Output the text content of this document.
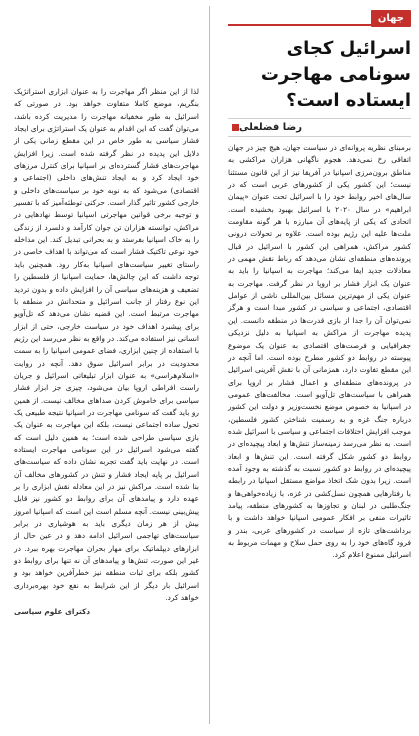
جهان
اسرائیل کجای سونامی مهاجرت ایستاده است؟
رضا فضلعلی

برمبنای نظریه پروانه‌ای در سیاست جهان، هیچ چیز در جهان اتفاقی رخ نمی‌دهد. هجوم ناگهانی هزاران مراکشی به مناطق برون‌مرزی اسپانیا در آفریقا نیز از این قانون مستثنا نیست؛ این کشور یکی از کشورهای عربی است که در سال‌های اخیر روابط خود را با اسرائیل تحت عنوان «پیمان ابراهیم» در سال ۲۰۲۰ با اسرائیل بهبود بخشیده است. اتحادی که یکی از پایه‌های آن مبارزه با هر گونه مقاومت ملت‌ها علیه این رژیم بوده است. علاوه بر تحولات درونی کشور مراکش، همراهی این کشور با اسرائیل در قبال پرونده‌های منطقه‌ای نشان می‌دهد که رباط نقش مهمی در معادلات جدید ایفا می‌کند؛ مهاجرت به اسپانیا را باید به عنوان یک ابزار فشار بر اروپا در نظر گرفت. مهاجرت به عنوان یکی از مهم‌ترین مسائل بین‌المللی ناشی از عوامل اقتصادی، اجتماعی و سیاسی در کشور مبدا است و هرگز نمی‌توان آن را جدا از بازی قدرت‌ها در منطقه دانست. این پدیده مهاجرت از مراکش به اسپانیا به دلیل نزدیکی جغرافیایی و فرصت‌های اقتصادی به عنوان یک موضوع پیوسته در روابط دو کشور مطرح بوده است. اما آنچه در این مقطع تفاوت دارد، همزمانی آن با نقش آفرینی اسرائیل در پرونده‌های منطقه‌ای و اعمال فشار بر اروپا برای همراهی با سیاست‌های تل‌آویو است. مخالفت‌های عمومی در اسپانیا به خصوص موضع نخست‌وزیر و دولت این کشور درباره جنگ غزه و به رسمیت شناختن کشور فلسطین، موجب افزایش اختلافات اجتماعی و سیاسی با اسرائیل شده است. به نظر می‌رسد زمینه‌ساز تنش‌ها و ابعاد پیچیده‌ای در روابط دو کشور شکل گرفته است. این تنش‌ها و ابعاد پیچیده‌ای در روابط دو کشور نسبت به گذشته به وجود آمده است. زیرا بدون شک اتخاذ مواضع مستقل اسپانیا در رابطه با رفتارهایی همچون نسل‌کشی در غزه، با زیاده‌خواهی‌ها و جنگ‌طلبی در لبنان و تجاوزها به کشورهای منطقه، پیامد تاثیرات منفی بر افکار عمومی اسپانیا خواهد داشت و با برداشت‌های تازه از سیاست در کشورهای عربی، بندر و فرود گاه‌های خود را به روی حمل سلاح و مهمات مربوط به اسرائیل ممنوع اعلام کرد.

لذا از این منظر اگر مهاجرت را به عنوان ابزاری استراتژیک بنگریم، موضع کاملا متفاوت خواهد بود. در صورتی که اسرائیل به طور مخفیانه مهاجرت را مدیریت کرده باشد، می‌توان گفت که این اقدام به عنوان یک استراتژی برای ایجاد فشار سیاسی به طور خاص در این مقطع زمانی یکی از دلایل این پدیده در نظر گرفته شده است. زیرا افزایش مهاجرت‌های فشار گسترده‌ای بر اسپانیا برای کنترل مرزهای خود ایجاد کرد و به ایجاد تنش‌های داخلی (اجتماعی و اقتصادی) می‌شود که به نوبه خود بر سیاست‌های داخلی و خارجی کشور تاثیر گذار است. حرکتی توطئه‌آمیز که با تفسیر و توجیه برخی قوانین مهاجرتی اسپانیا توسط نهادهایی در مراکش، توانسته هزاران تن جوان کارآمد و دلسرد از زندگی را به‌ خاک اسپانیا بفرستد و به بحرانی تبدیل کند. این مداخله خود نوعی تاکتیک فشار است که می‌تواند با اهداف خاصی در راستای تغییر سیاست‌های اسپانیا به‌کار رود. همچنین باید توجه داشت که این چالش‌ها، حمایت اسپانیا از فلسطین را تضعیف و هزینه‌های سیاسی آن را افزایش داده و بدون تردید این نوع رفتار از جانب اسرائیل و متحدانش در منطقه با مهاجرت مرتبط است. این قضیه نشان می‌دهد که تل‌آویو برای پیشبرد اهداف خود در سیاست خارجی، حتی از ابزار انسانی نیز استفاده می‌کند. در واقع به نظر می‌رسد این رژیم با استفاده از چنین ابزاری، فضای عمومی اسپانیا را به سمت محدودیت در برابر اسرائیل سوق دهد. آنچه در روایت «اسلام‌هراسی» به عنوان ابزار تبلیغاتی اسرائیل و جریان راست افراطی اروپا بیان می‌شود، چیزی جز ابزار فشار سیاسی برای خاموش کردن صداهای مخالف نیست. از همین رو باید گفت که سونامی مهاجرت در اسپانیا نتیجه طبیعی یک تحول ساده اجتماعی نیست، بلکه این مهاجرت به عنوان یک بازی سیاسی طراحی شده است؛ به همین دلیل است که گفته می‌شود اسرائیل در این سونامی مهاجرت ایستاده است. در نهایت باید گفت تجربه نشان داده که سیاست‌های اسرائیل بر پایه ایجاد فشار و تنش در کشورهای مخالف آن بنا شده است. مراکش نیز در این معادله نقش ابزاری را بر عهده دارد و پیامدهای آن برای روابط دو کشور نیز قابل پیش‌بینی نیست. آنچه مسلم است این است که اسپانیا امروز بیش از هر زمان دیگری باید به هوشیاری در برابر سیاست‌های تهاجمی اسرائیل ادامه دهد و در عین حال از ابزارهای دیپلماتیک برای مهار بحران مهاجرت بهره ببرد. در غیر این صورت، تنش‌ها و پیامدهای آن نه تنها برای روابط دو کشور بلکه برای ثبات منطقه نیز خطرآفرین خواهد بود و اسرائیل بار دیگر از این شرایط به نفع خود بهره‌برداری خواهد کرد.

دکترای علوم سیاسی
